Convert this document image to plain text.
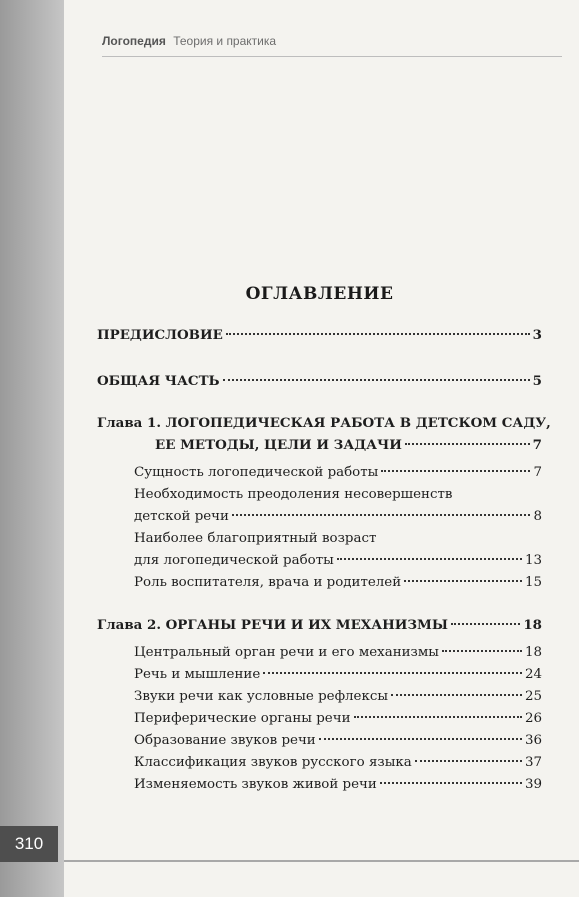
310
Логопедия Теория и практика
ОГЛАВЛЕНИЕ
ПРЕДИСЛОВИЕ	3
ОБЩАЯ ЧАСТЬ	5
Глава 1. ЛОГОПЕДИЧЕСКАЯ РАБОТА В ДЕТСКОМ САДУ,
ЕЕ МЕТОДЫ, ЦЕЛИ И ЗАДАЧИ	7
Сущность логопедической работы	7
Необходимость преодоления несовершенств
детской речи	8
Наиболее благоприятный возраст
для логопедической работы	13
Роль воспитателя, врача и родителей	15
Глава 2. ОРГАНЫ РЕЧИ И ИХ МЕХАНИЗМЫ	18
Центральный орган речи и его механизмы	18
Речь и мышление	24
Звуки речи как условные рефлексы	25
Периферические органы речи	26
Образование звуков речи	36
Классификация звуков русского языка	37
Изменяемость звуков живой речи	39
